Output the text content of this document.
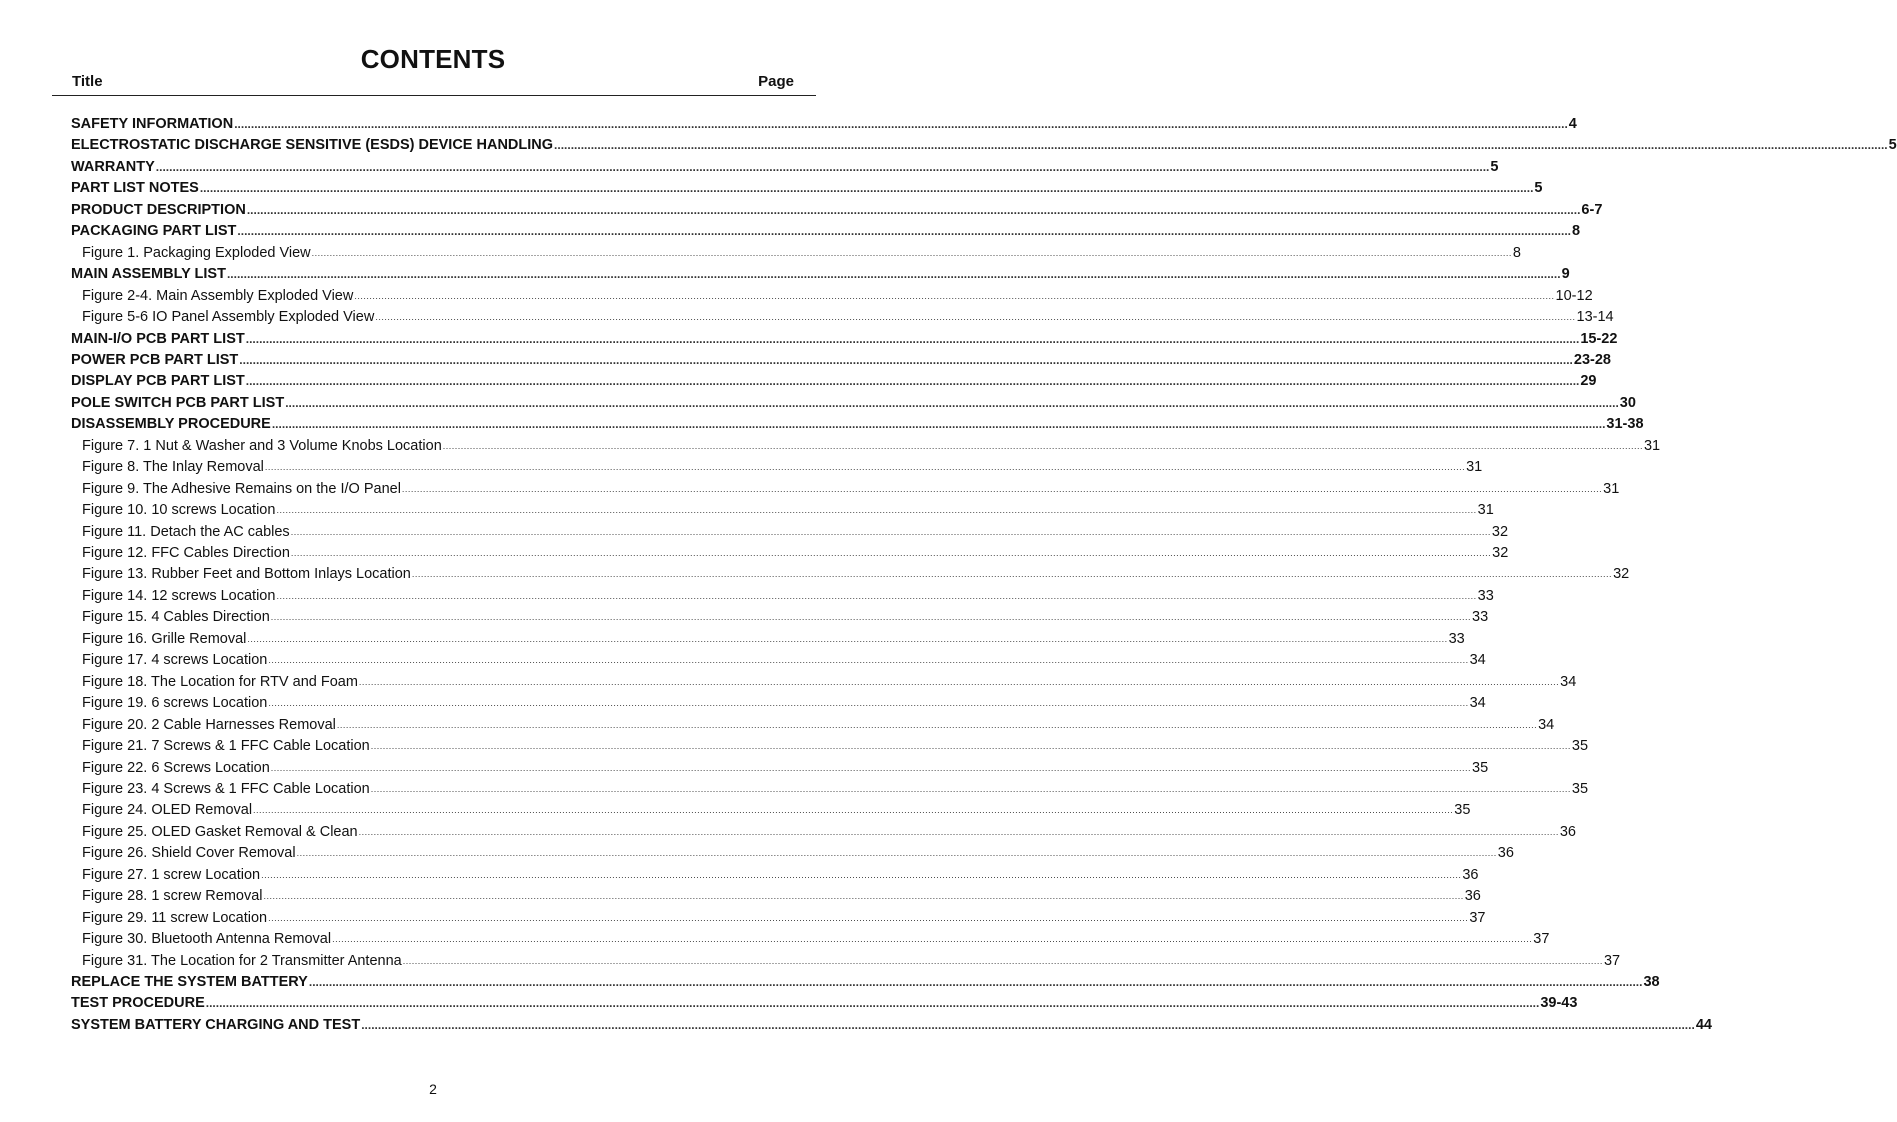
CONTENTS
Title	Page
SAFETY INFORMATION ................................................................................................................................................................................................................................................................................................................................................................................................................ 4
ELECTROSTATIC DISCHARGE SENSITIVE (ESDS) DEVICE HANDLING ................................................................................................................................................................................................................................................................................................................................................................................................................ 5
WARRANTY ................................................................................................................................................................................................................................................................................................................................................................................................................ 5
PART LIST NOTES ................................................................................................................................................................................................................................................................................................................................................................................................................ 5
PRODUCT DESCRIPTION ................................................................................................................................................................................................................................................................................................................................................................................................................ 6-7
PACKAGING PART LIST ................................................................................................................................................................................................................................................................................................................................................................................................................ 8
Figure 1. Packaging Exploded View ................................................................................................................................................................................................................................................................................................................................................................................................................ 8
MAIN ASSEMBLY LIST ................................................................................................................................................................................................................................................................................................................................................................................................................ 9
Figure 2-4. Main Assembly Exploded View ................................................................................................................................................................................................................................................................................................................................................................................................................ 10-12
Figure 5-6 IO Panel Assembly Exploded View ................................................................................................................................................................................................................................................................................................................................................................................................................ 13-14
MAIN-I/O PCB PART LIST ................................................................................................................................................................................................................................................................................................................................................................................................................ 15-22
POWER PCB PART LIST ................................................................................................................................................................................................................................................................................................................................................................................................................ 23-28
DISPLAY PCB PART LIST ................................................................................................................................................................................................................................................................................................................................................................................................................ 29
POLE SWITCH PCB PART LIST ................................................................................................................................................................................................................................................................................................................................................................................................................ 30
DISASSEMBLY PROCEDURE ................................................................................................................................................................................................................................................................................................................................................................................................................ 31-38
Figure 7. 1 Nut & Washer and 3 Volume Knobs Location ................................................................................................................................................................................................................................................................................................................................................................................................................ 31
Figure 8. The Inlay Removal ................................................................................................................................................................................................................................................................................................................................................................................................................ 31
Figure 9. The Adhesive Remains on the I/O Panel ................................................................................................................................................................................................................................................................................................................................................................................................................ 31
Figure 10. 10 screws Location ................................................................................................................................................................................................................................................................................................................................................................................................................ 31
Figure 11. Detach the AC cables ................................................................................................................................................................................................................................................................................................................................................................................................................ 32
Figure 12. FFC Cables Direction ................................................................................................................................................................................................................................................................................................................................................................................................................ 32
Figure 13. Rubber Feet and Bottom Inlays Location ................................................................................................................................................................................................................................................................................................................................................................................................................ 32
Figure 14. 12 screws Location ................................................................................................................................................................................................................................................................................................................................................................................................................ 33
Figure 15. 4 Cables Direction ................................................................................................................................................................................................................................................................................................................................................................................................................ 33
Figure 16. Grille Removal ................................................................................................................................................................................................................................................................................................................................................................................................................ 33
Figure 17. 4 screws Location ................................................................................................................................................................................................................................................................................................................................................................................................................ 34
Figure 18. The Location for RTV and Foam ................................................................................................................................................................................................................................................................................................................................................................................................................ 34
Figure 19. 6 screws Location ................................................................................................................................................................................................................................................................................................................................................................................................................ 34
Figure 20. 2 Cable Harnesses Removal ................................................................................................................................................................................................................................................................................................................................................................................................................ 34
Figure 21. 7 Screws & 1 FFC Cable Location ................................................................................................................................................................................................................................................................................................................................................................................................................ 35
Figure 22. 6 Screws Location ................................................................................................................................................................................................................................................................................................................................................................................................................ 35
Figure 23. 4 Screws & 1 FFC Cable Location ................................................................................................................................................................................................................................................................................................................................................................................................................ 35
Figure 24. OLED Removal ................................................................................................................................................................................................................................................................................................................................................................................................................ 35
Figure 25. OLED Gasket Removal & Clean ................................................................................................................................................................................................................................................................................................................................................................................................................ 36
Figure 26. Shield Cover Removal ................................................................................................................................................................................................................................................................................................................................................................................................................ 36
Figure 27. 1 screw Location ................................................................................................................................................................................................................................................................................................................................................................................................................ 36
Figure 28. 1 screw Removal ................................................................................................................................................................................................................................................................................................................................................................................................................ 36
Figure 29. 11 screw Location ................................................................................................................................................................................................................................................................................................................................................................................................................ 37
Figure 30. Bluetooth Antenna Removal ................................................................................................................................................................................................................................................................................................................................................................................................................ 37
Figure 31. The Location for 2 Transmitter Antenna ................................................................................................................................................................................................................................................................................................................................................................................................................ 37
REPLACE THE SYSTEM BATTERY ................................................................................................................................................................................................................................................................................................................................................................................................................ 38
TEST PROCEDURE ................................................................................................................................................................................................................................................................................................................................................................................................................ 39-43
SYSTEM BATTERY CHARGING AND TEST ................................................................................................................................................................................................................................................................................................................................................................................................................ 44
2
